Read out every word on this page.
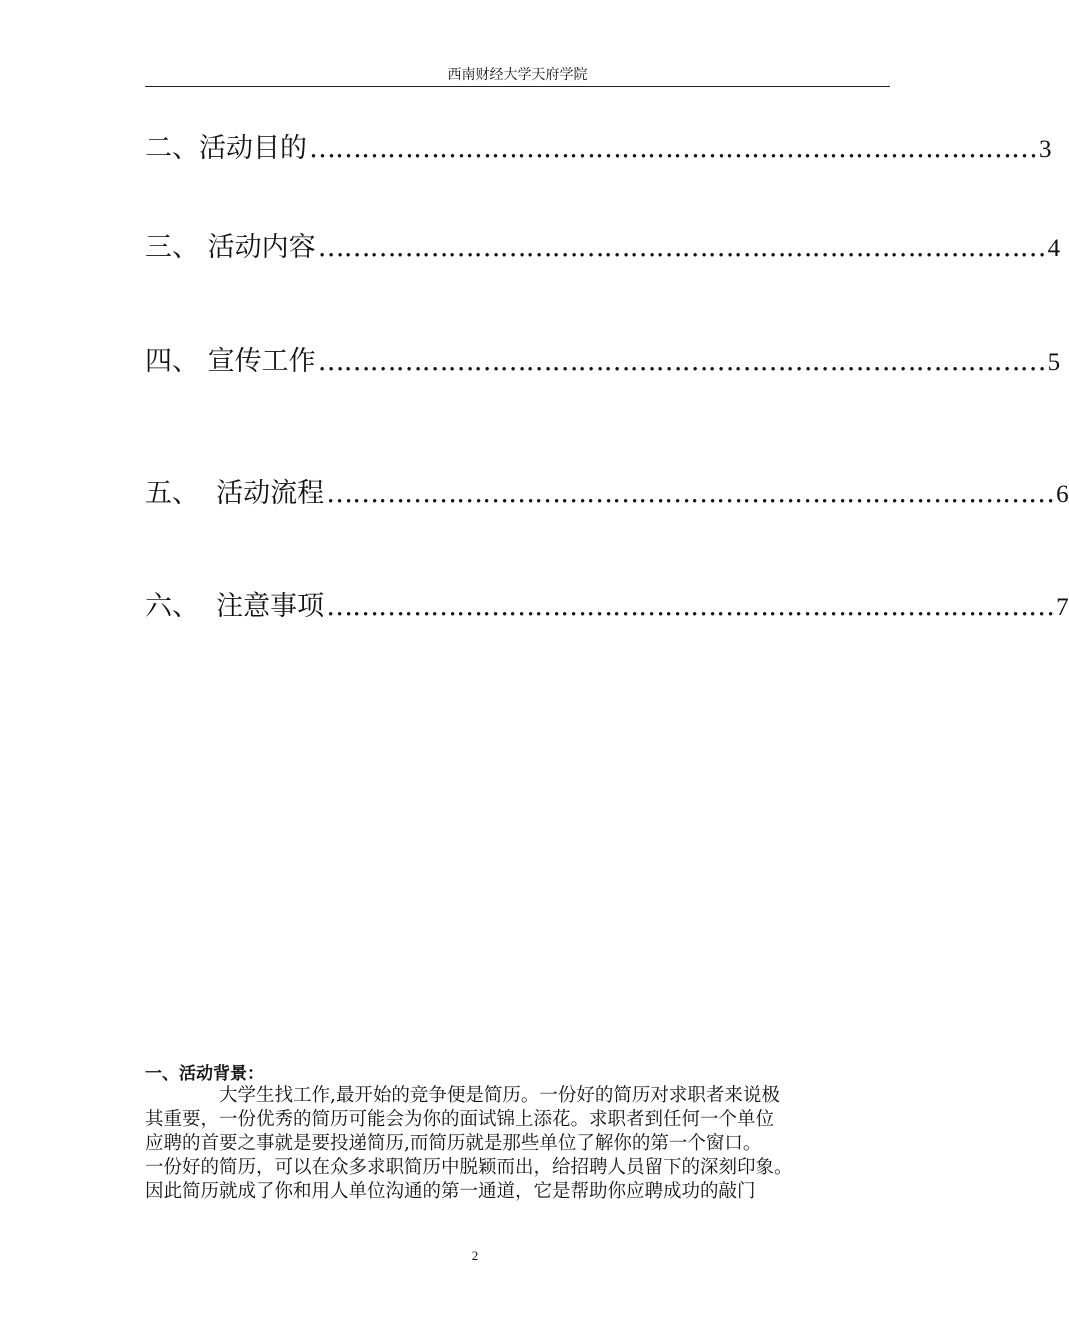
西南财经大学天府学院
二、 活动目的 ………………………………………………………………………… 3
三、 活动内容 ………………………………………………………………………… 4
四、 宣传工作 ………………………………………………………………………… 5
五、 活动流程 ………………………………………………………………………… 6
六、 注意事项 ………………………………………………………………………… 7
一、活动背景：
大学生找工作,最开始的竞争便是简历。一份好的简历对求职者来说极
其重要，一份优秀的简历可能会为你的面试锦上添花。求职者到任何一个单位
应聘的首要之事就是要投递简历,而简历就是那些单位了解你的第一个窗口。
一份好的简历，可以在众多求职简历中脱颖而出，给招聘人员留下的深刻印象。
因此简历就成了你和用人单位沟通的第一通道，它是帮助你应聘成功的敲门
2
